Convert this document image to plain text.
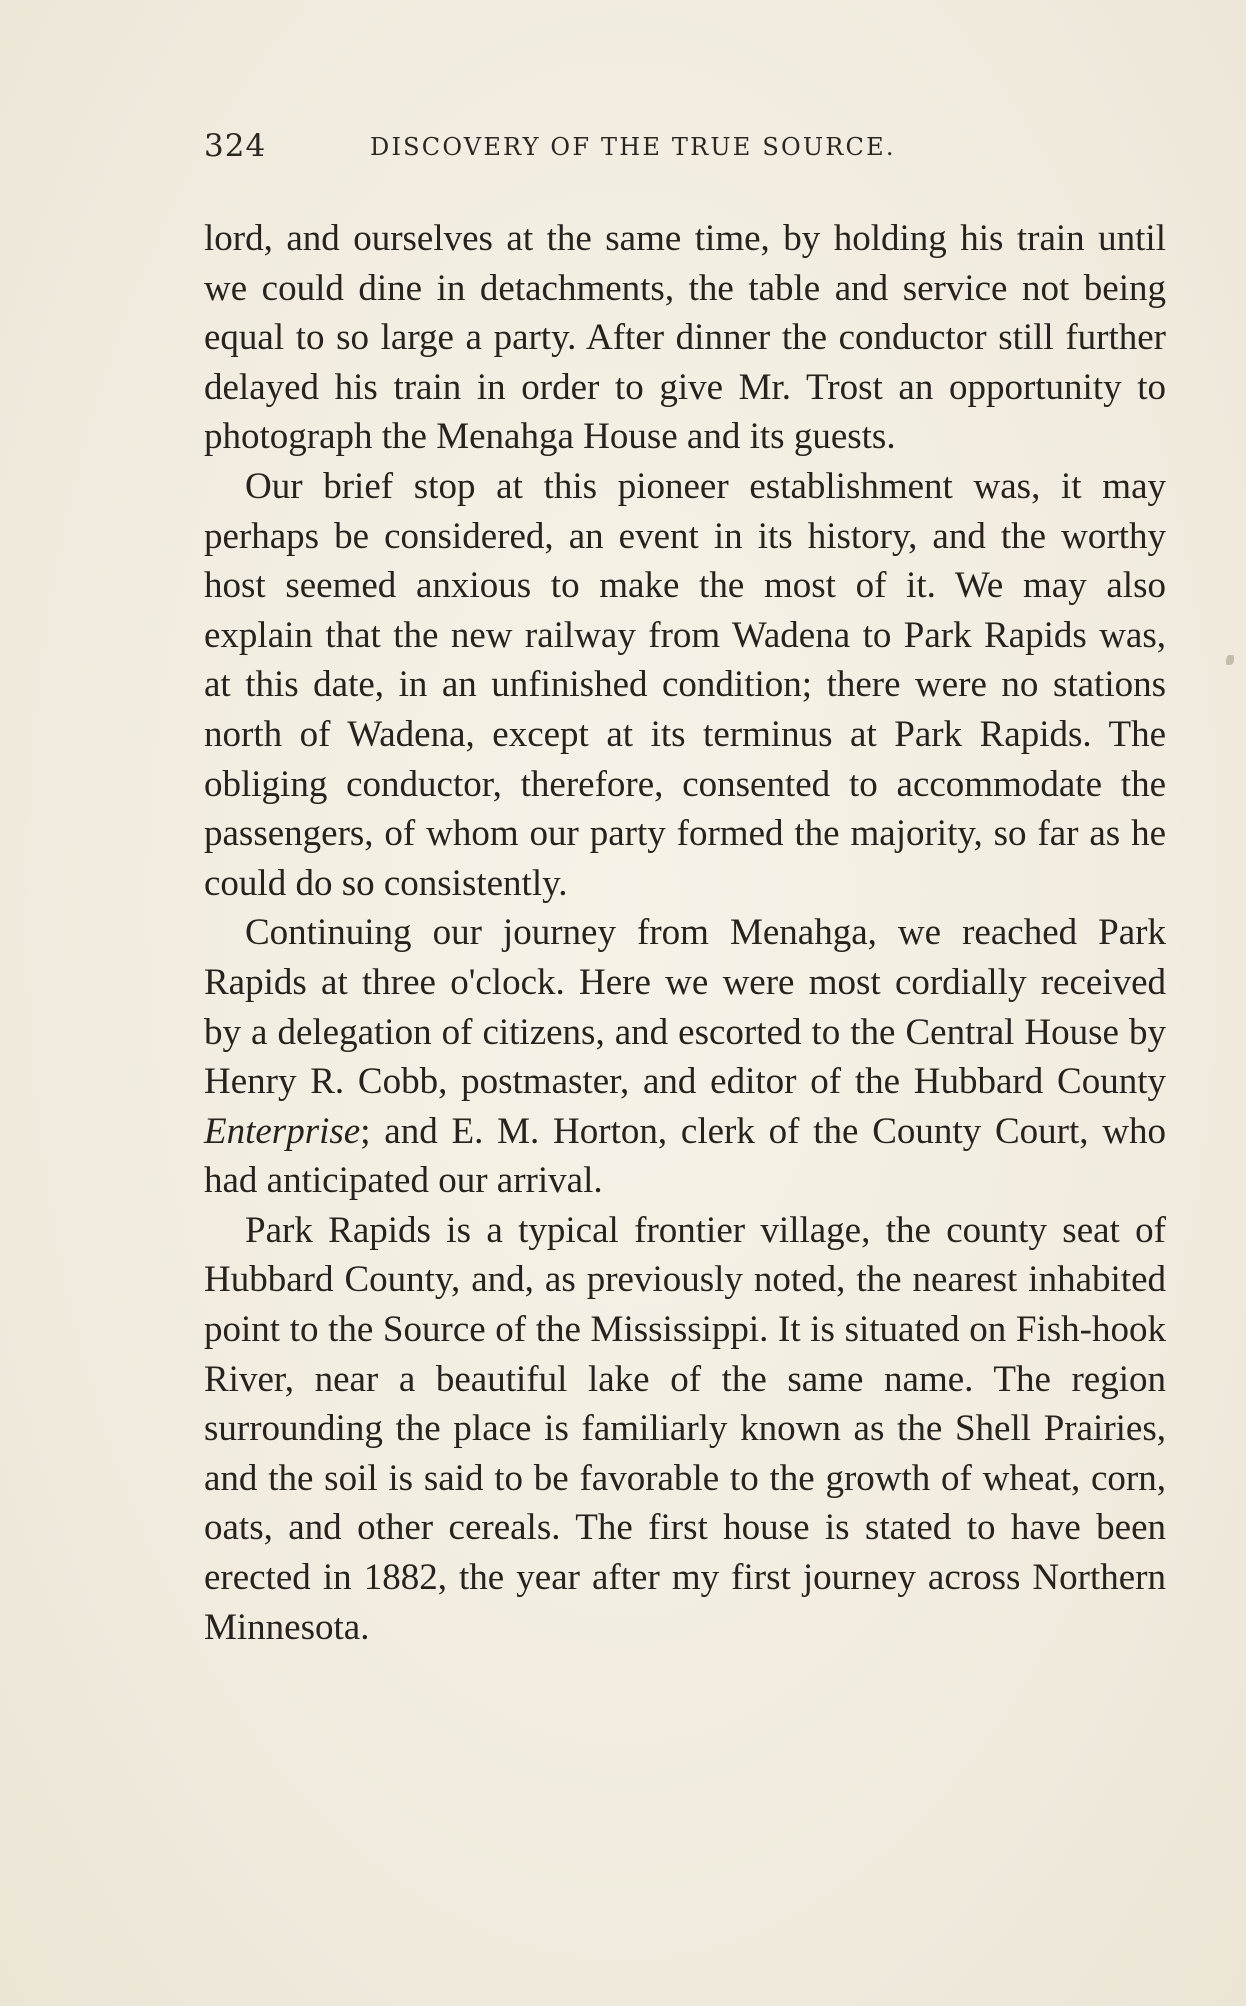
324	DISCOVERY OF THE TRUE SOURCE.

lord, and ourselves at the same time, by holding his train until we could dine in detachments, the table and service not being equal to so large a party. After dinner the conductor still further delayed his train in order to give Mr. Trost an opportunity to photograph the Menahga House and its guests.

Our brief stop at this pioneer establishment was, it may perhaps be considered, an event in its history, and the worthy host seemed anxious to make the most of it. We may also explain that the new railway from Wadena to Park Rapids was, at this date, in an unfinished condition; there were no stations north of Wadena, except at its terminus at Park Rapids. The obliging conductor, therefore, consented to accommodate the passengers, of whom our party formed the majority, so far as he could do so consistently.

Continuing our journey from Menahga, we reached Park Rapids at three o'clock. Here we were most cordially received by a delegation of citizens, and escorted to the Central House by Henry R. Cobb, postmaster, and editor of the Hubbard County Enterprise; and E. M. Horton, clerk of the County Court, who had anticipated our arrival.

Park Rapids is a typical frontier village, the county seat of Hubbard County, and, as previously noted, the nearest inhabited point to the Source of the Mississippi. It is situated on Fish-hook River, near a beautiful lake of the same name. The region surrounding the place is familiarly known as the Shell Prairies, and the soil is said to be favorable to the growth of wheat, corn, oats, and other cereals. The first house is stated to have been erected in 1882, the year after my first journey across Northern Minnesota.
